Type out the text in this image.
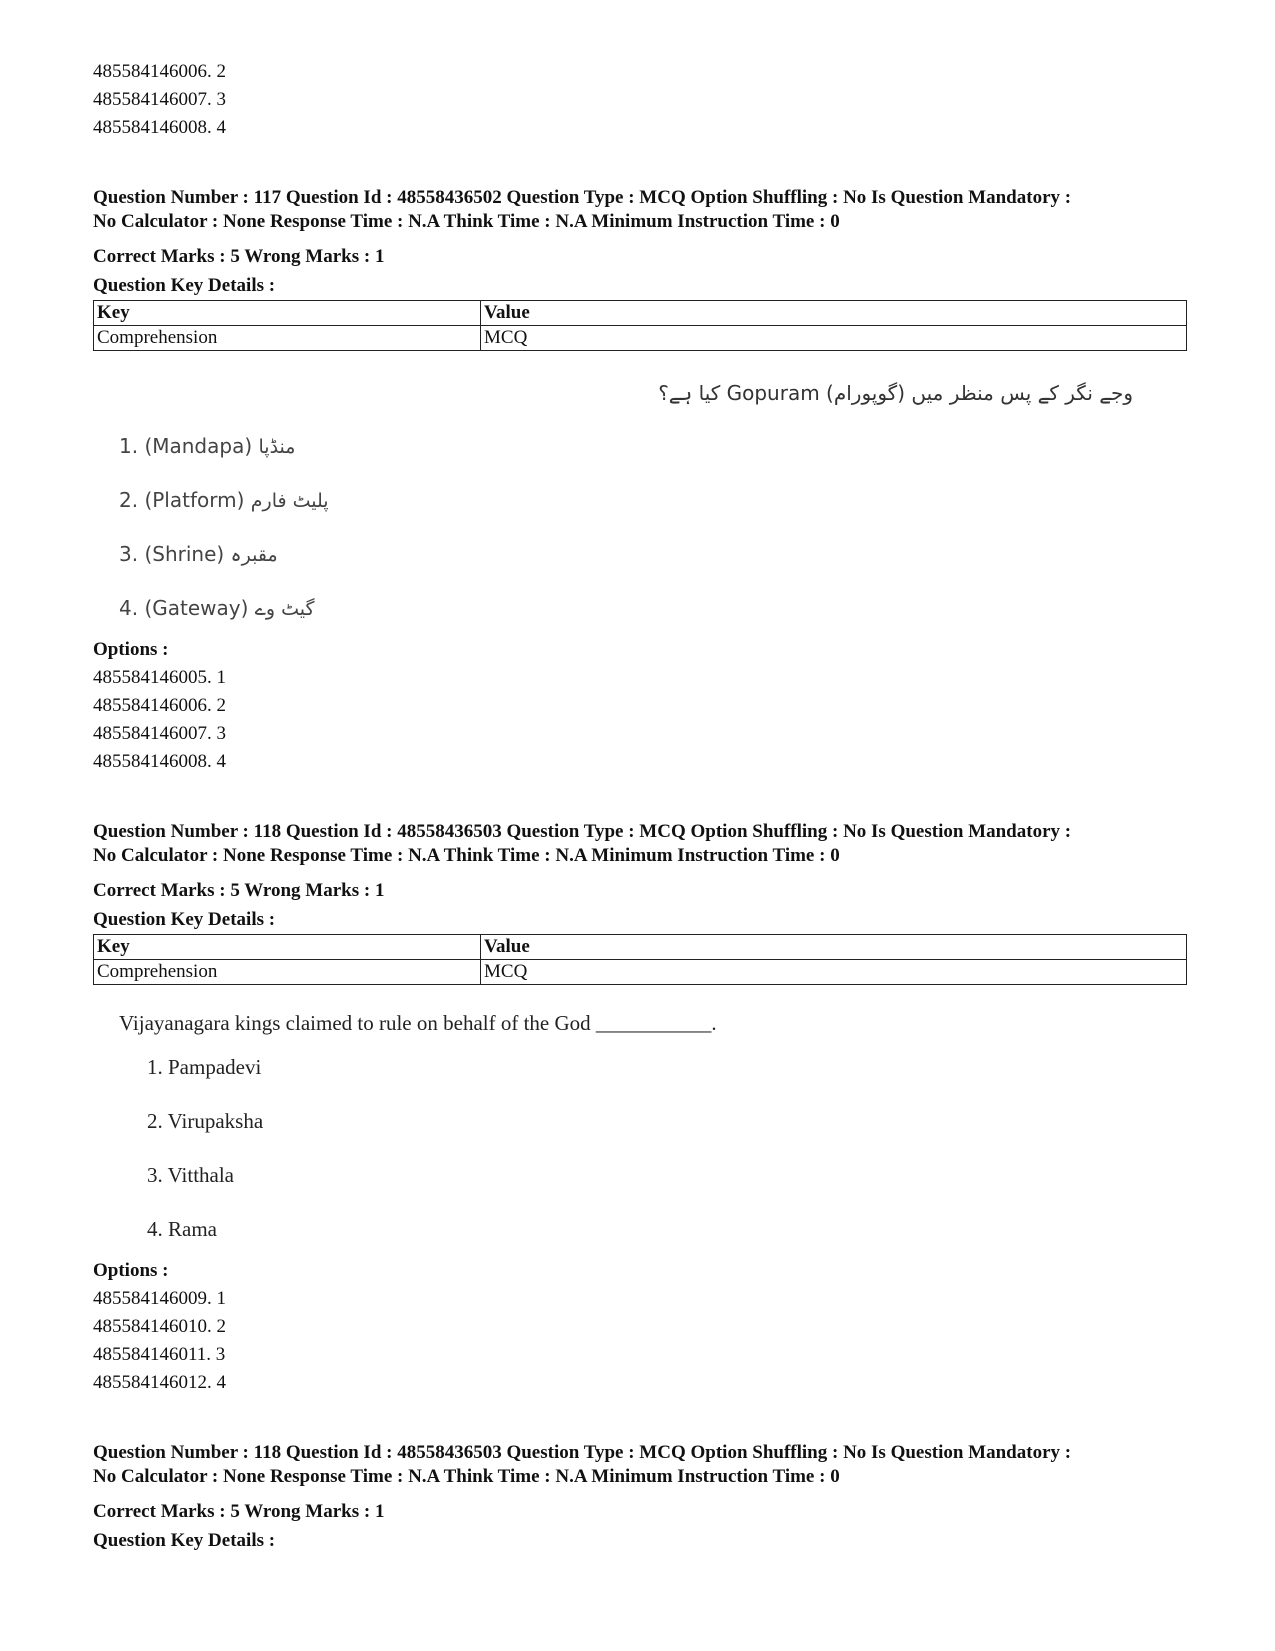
485584146006. 2
485584146007. 3
485584146008. 4
Question Number : 117 Question Id : 48558436502 Question Type : MCQ Option Shuffling : No Is Question Mandatory :
No Calculator : None Response Time : N.A Think Time : N.A Minimum Instruction Time : 0
Correct Marks : 5 Wrong Marks : 1
Question Key Details :
Key	Value
Comprehension	MCQ
وجے نگر کے پس منظر میں (گوپورام) Gopuram کیا ہے؟
1. (Mandapa) منڈپا
2. (Platform) پلیٹ فارم
3. (Shrine) مقبرہ
4. (Gateway) گیٹ وے
Options :
485584146005. 1
485584146006. 2
485584146007. 3
485584146008. 4
Question Number : 118 Question Id : 48558436503 Question Type : MCQ Option Shuffling : No Is Question Mandatory :
No Calculator : None Response Time : N.A Think Time : N.A Minimum Instruction Time : 0
Correct Marks : 5 Wrong Marks : 1
Question Key Details :
Key	Value
Comprehension	MCQ
Vijayanagara kings claimed to rule on behalf of the God ___________.
1. Pampadevi
2. Virupaksha
3. Vitthala
4. Rama
Options :
485584146009. 1
485584146010. 2
485584146011. 3
485584146012. 4
Question Number : 118 Question Id : 48558436503 Question Type : MCQ Option Shuffling : No Is Question Mandatory :
No Calculator : None Response Time : N.A Think Time : N.A Minimum Instruction Time : 0
Correct Marks : 5 Wrong Marks : 1
Question Key Details :
